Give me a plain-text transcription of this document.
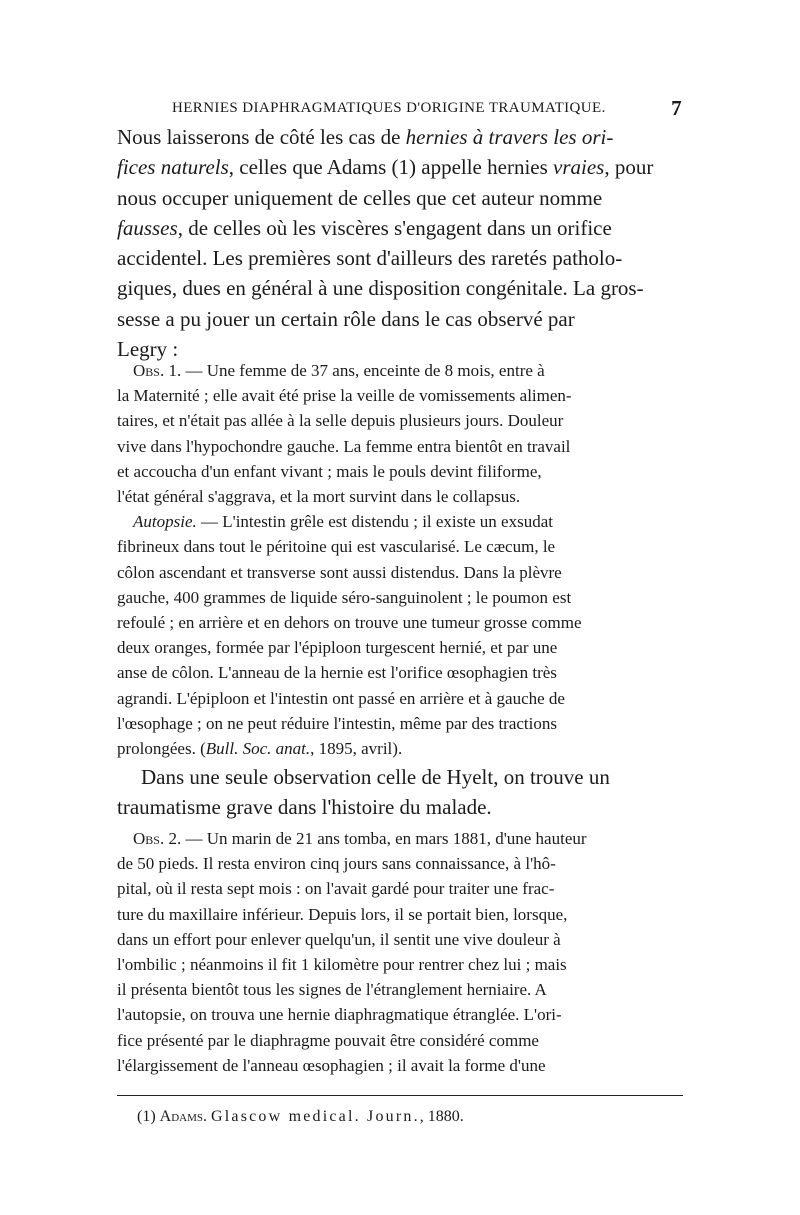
HERNIES DIAPHRAGMATIQUES D'ORIGINE TRAUMATIQUE.	7
Nous laisserons de côté les cas de hernies à travers les ori-
fices naturels, celles que Adams (1) appelle hernies vraies, pour
nous occuper uniquement de celles que cet auteur nomme
fausses, de celles où les viscères s'engagent dans un orifice
accidentel. Les premières sont d'ailleurs des raretés patholo-
giques, dues en général à une disposition congénitale. La gros-
sesse a pu jouer un certain rôle dans le cas observé par
Legry :
Obs. 1. — Une femme de 37 ans, enceinte de 8 mois, entre à
la Maternité ; elle avait été prise la veille de vomissements alimen-
taires, et n'était pas allée à la selle depuis plusieurs jours. Douleur
vive dans l'hypochondre gauche. La femme entra bientôt en travail
et accoucha d'un enfant vivant ; mais le pouls devint filiforme,
l'état général s'aggrava, et la mort survint dans le collapsus.
Autopsie. — L'intestin grêle est distendu ; il existe un exsudat
fibrineux dans tout le péritoine qui est vascularisé. Le cæcum, le
côlon ascendant et transverse sont aussi distendus. Dans la plèvre
gauche, 400 grammes de liquide séro-sanguinolent ; le poumon est
refoulé ; en arrière et en dehors on trouve une tumeur grosse comme
deux oranges, formée par l'épiploon turgescent hernié, et par une
anse de côlon. L'anneau de la hernie est l'orifice œsophagien très
agrandi. L'épiploon et l'intestin ont passé en arrière et à gauche de
l'œsophage ; on ne peut réduire l'intestin, même par des tractions
prolongées. (Bull. Soc. anat., 1895, avril).
Dans une seule observation celle de Hyelt, on trouve un
traumatisme grave dans l'histoire du malade.
Obs. 2. — Un marin de 21 ans tomba, en mars 1881, d'une hauteur
de 50 pieds. Il resta environ cinq jours sans connaissance, à l'hô-
pital, où il resta sept mois : on l'avait gardé pour traiter une frac-
ture du maxillaire inférieur. Depuis lors, il se portait bien, lorsque,
dans un effort pour enlever quelqu'un, il sentit une vive douleur à
l'ombilic ; néanmoins il fit 1 kilomètre pour rentrer chez lui ; mais
il présenta bientôt tous les signes de l'étranglement herniaire. A
l'autopsie, on trouva une hernie diaphragmatique étranglée. L'ori-
fice présenté par le diaphragme pouvait être considéré comme
l'élargissement de l'anneau œsophagien ; il avait la forme d'une
(1) Adams. Glascow medical. Journ., 1880.
